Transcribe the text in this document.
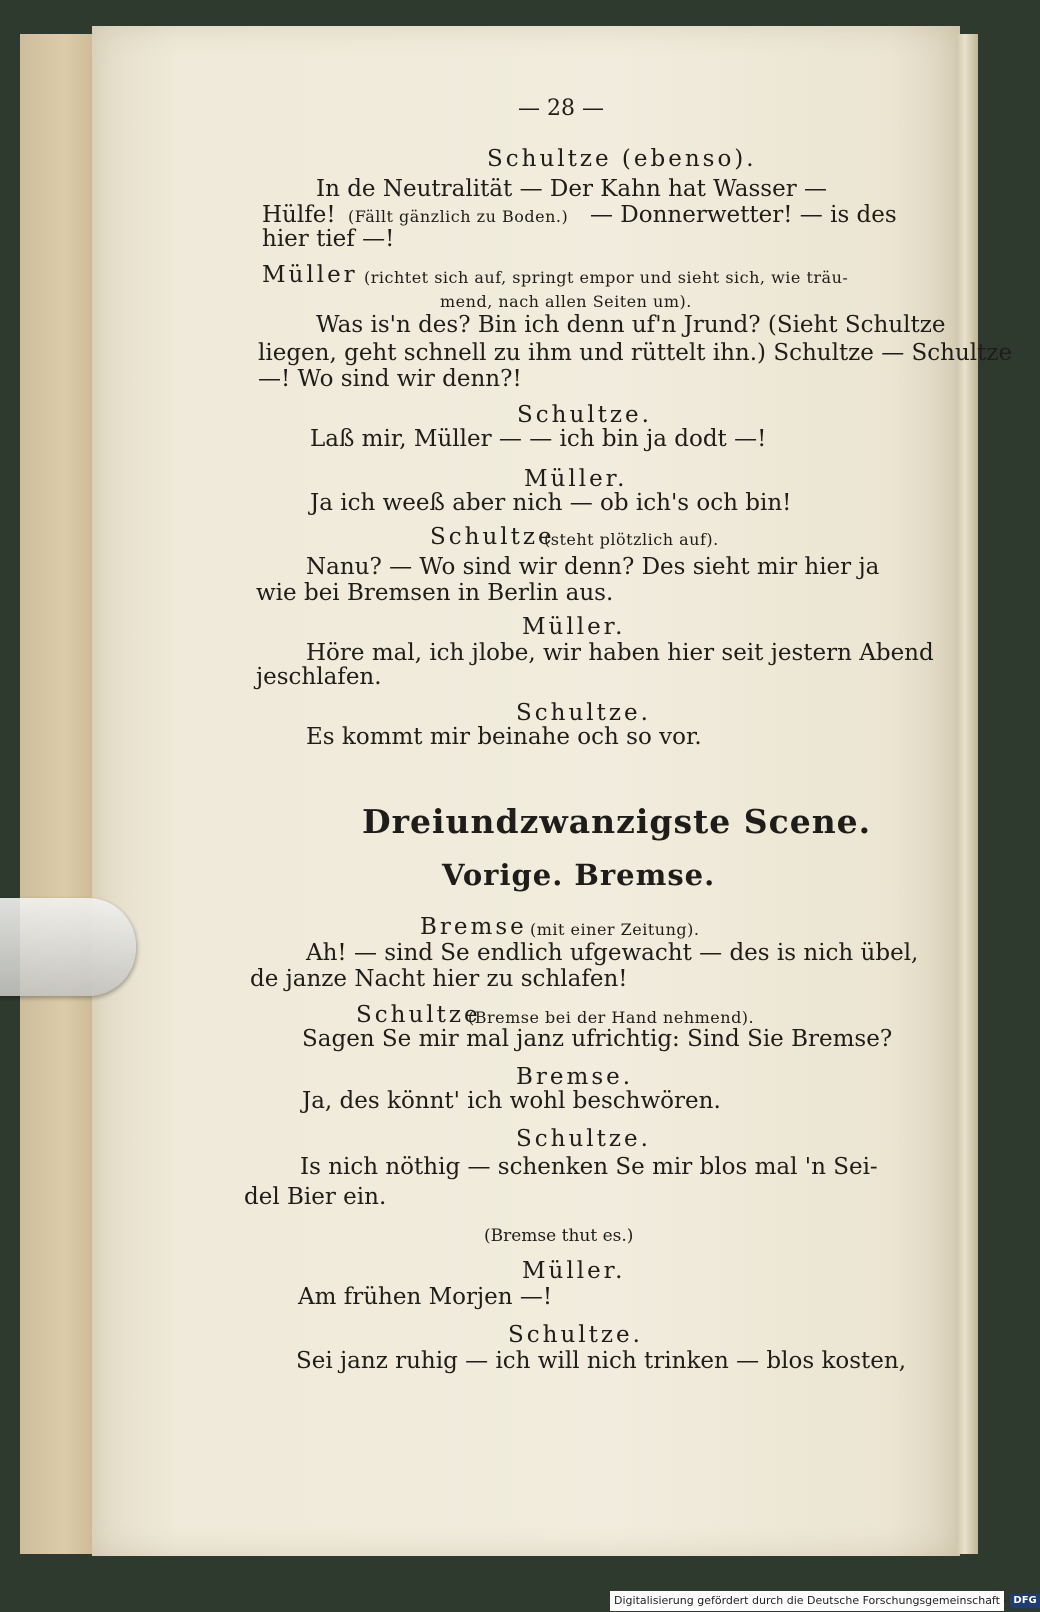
— 28 —
Schultze (ebenso).
In de Neutralität — Der Kahn hat Wasser —
Hülfe! (Fällt gänzlich zu Boden.) — Donnerwetter! — is des
hier tief —!
Müller (richtet sich auf, springt empor und sieht sich, wie träu-
mend, nach allen Seiten um).
Was is'n des? Bin ich denn uf'n Jrund? (Sieht Schultze
liegen, geht schnell zu ihm und rüttelt ihn.) Schultze — Schultze
—! Wo sind wir denn?!
Schultze.
Laß mir, Müller — — ich bin ja dodt —!
Müller.
Ja ich weeß aber nich — ob ich's och bin!
Schultze
(steht plötzlich auf).
Nanu? — Wo sind wir denn? Des sieht mir hier ja
wie bei Bremsen in Berlin aus.
Müller.
Höre mal, ich jlobe, wir haben hier seit jestern Abend
jeschlafen.
Schultze.
Es kommt mir beinahe och so vor.
Dreiundzwanzigste Scene.
Vorige. Bremse.
Bremse (mit einer Zeitung).
Ah! — sind Se endlich ufgewacht — des is nich übel,
de janze Nacht hier zu schlafen!
Schultze
(Bremse bei der Hand nehmend).
Sagen Se mir mal janz ufrichtig: Sind Sie Bremse?
Bremse.
Ja, des könnt' ich wohl beschwören.
Schultze.
Is nich nöthig — schenken Se mir blos mal 'n Sei-
del Bier ein.
(Bremse thut es.)
Müller.
Am frühen Morjen —!
Schultze.
Sei janz ruhig — ich will nich trinken — blos kosten,
Digitalisierung gefördert durch die Deutsche Forschungsgemeinschaft - DFG
